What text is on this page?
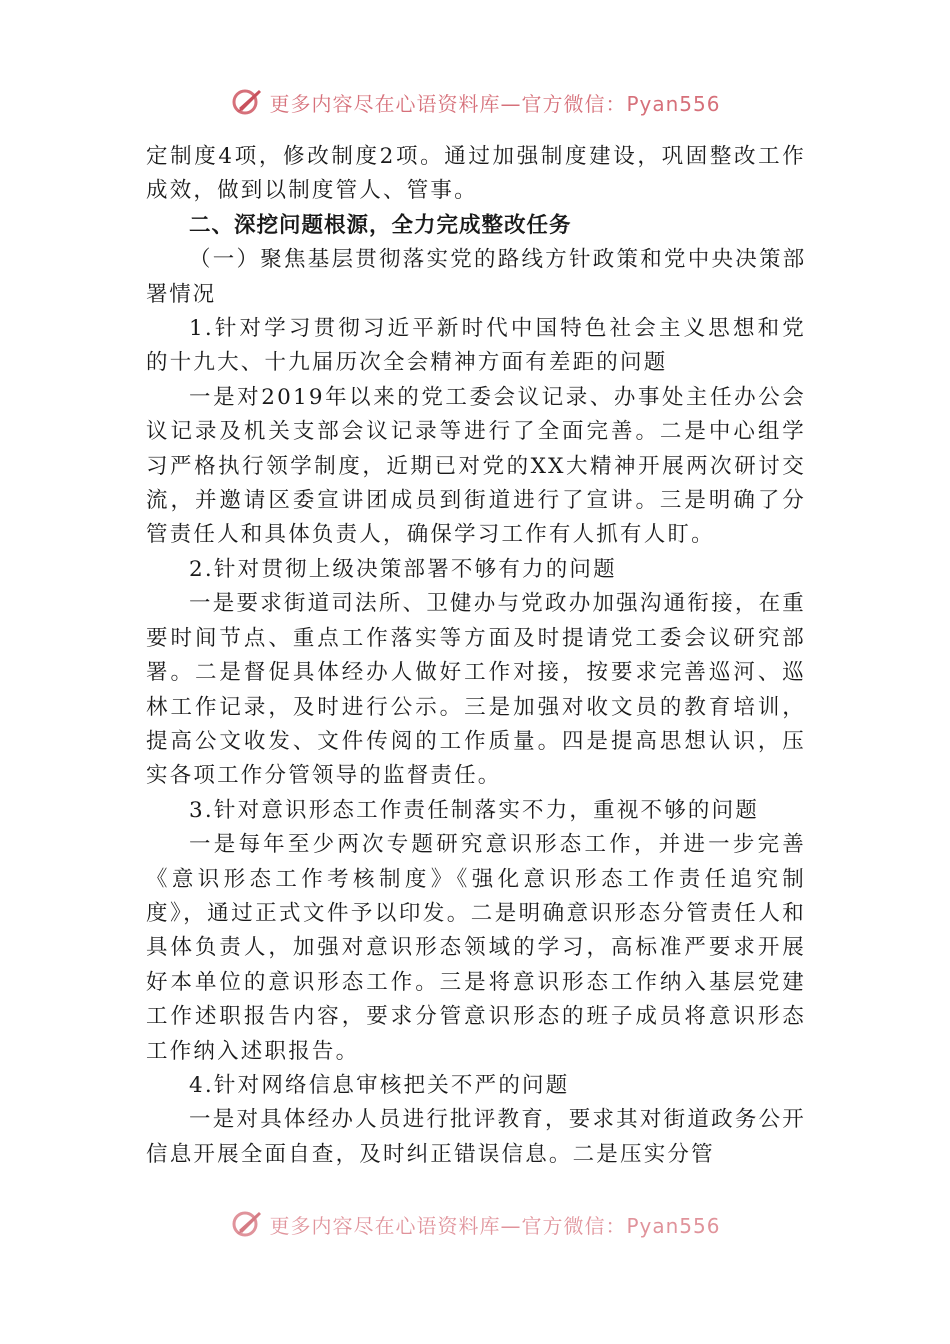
更多内容尽在心语资料库—官方微信：Pyan556

定制度4项，修改制度2项。通过加强制度建设，巩固整改工作成效，做到以制度管人、管事。

二、深挖问题根源，全力完成整改任务

（一）聚焦基层贯彻落实党的路线方针政策和党中央决策部署情况

1.针对学习贯彻习近平新时代中国特色社会主义思想和党的十九大、十九届历次全会精神方面有差距的问题

一是对2019年以来的党工委会议记录、办事处主任办公会议记录及机关支部会议记录等进行了全面完善。二是中心组学习严格执行领学制度，近期已对党的XX大精神开展两次研讨交流，并邀请区委宣讲团成员到街道进行了宣讲。三是明确了分管责任人和具体负责人，确保学习工作有人抓有人盯。

2.针对贯彻上级决策部署不够有力的问题

一是要求街道司法所、卫健办与党政办加强沟通衔接，在重要时间节点、重点工作落实等方面及时提请党工委会议研究部署。二是督促具体经办人做好工作对接，按要求完善巡河、巡林工作记录，及时进行公示。三是加强对收文员的教育培训，提高公文收发、文件传阅的工作质量。四是提高思想认识，压实各项工作分管领导的监督责任。

3.针对意识形态工作责任制落实不力，重视不够的问题

一是每年至少两次专题研究意识形态工作，并进一步完善《意识形态工作考核制度》《强化意识形态工作责任追究制度》，通过正式文件予以印发。二是明确意识形态分管责任人和具体负责人，加强对意识形态领域的学习，高标准严要求开展好本单位的意识形态工作。三是将意识形态工作纳入基层党建工作述职报告内容，要求分管意识形态的班子成员将意识形态工作纳入述职报告。

4.针对网络信息审核把关不严的问题

一是对具体经办人员进行批评教育，要求其对街道政务公开信息开展全面自查，及时纠正错误信息。二是压实分管

更多内容尽在心语资料库—官方微信：Pyan556
